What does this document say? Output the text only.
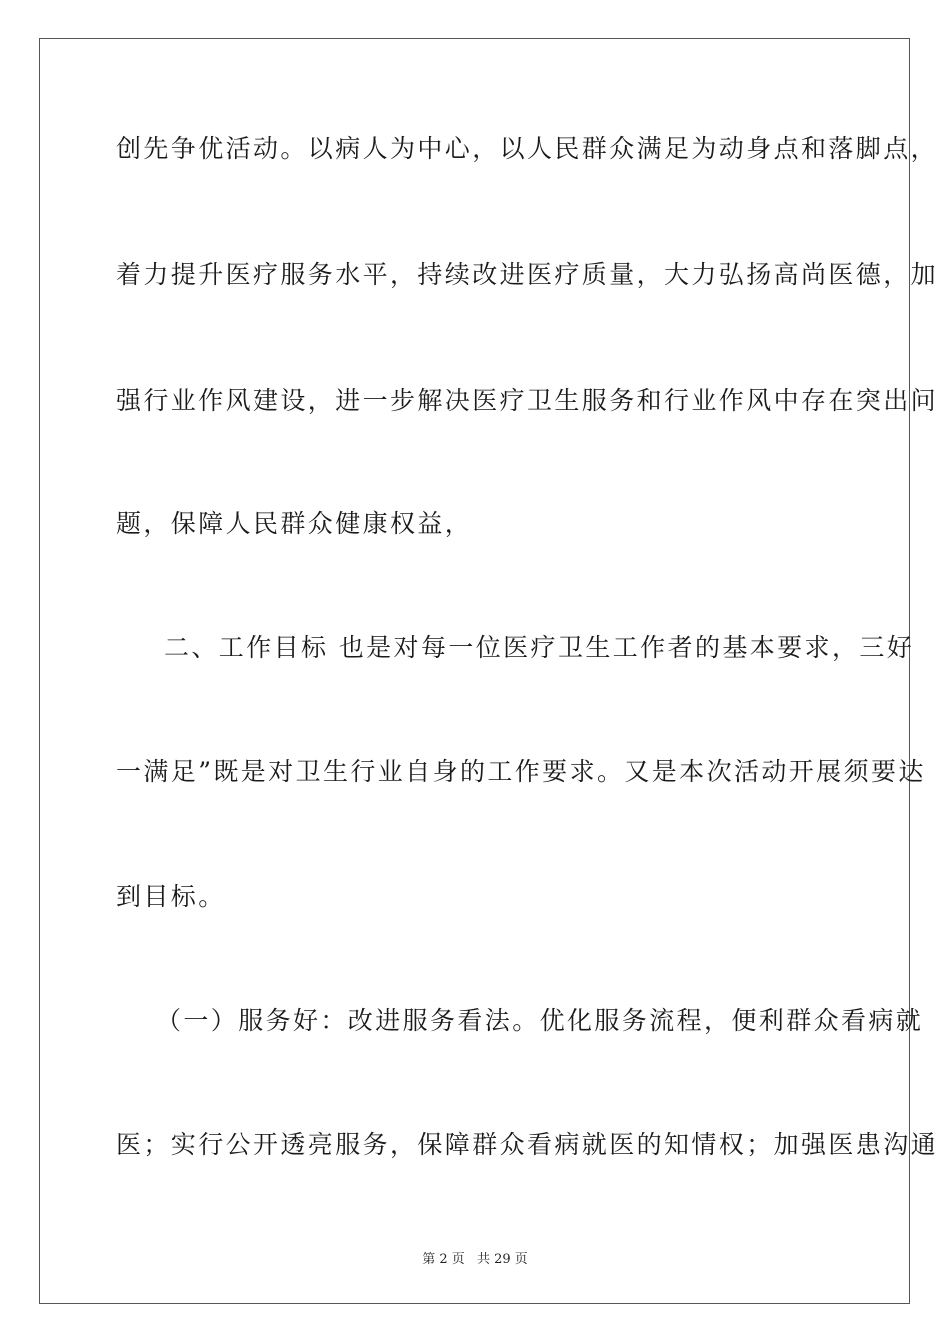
创先争优活动。以病人为中心，以人民群众满足为动身点和落脚点，
着力提升医疗服务水平，持续改进医疗质量，大力弘扬高尚医德，加
强行业作风建设，进一步解决医疗卫生服务和行业作风中存在突出问
题，保障人民群众健康权益，
二、工作目标 也是对每一位医疗卫生工作者的基本要求，三好
一满足”既是对卫生行业自身的工作要求。又是本次活动开展须要达
到目标。
（一）服务好：改进服务看法。优化服务流程，便利群众看病就
医；实行公开透亮服务，保障群众看病就医的知情权；加强医患沟通
第 2 页 共 29 页
